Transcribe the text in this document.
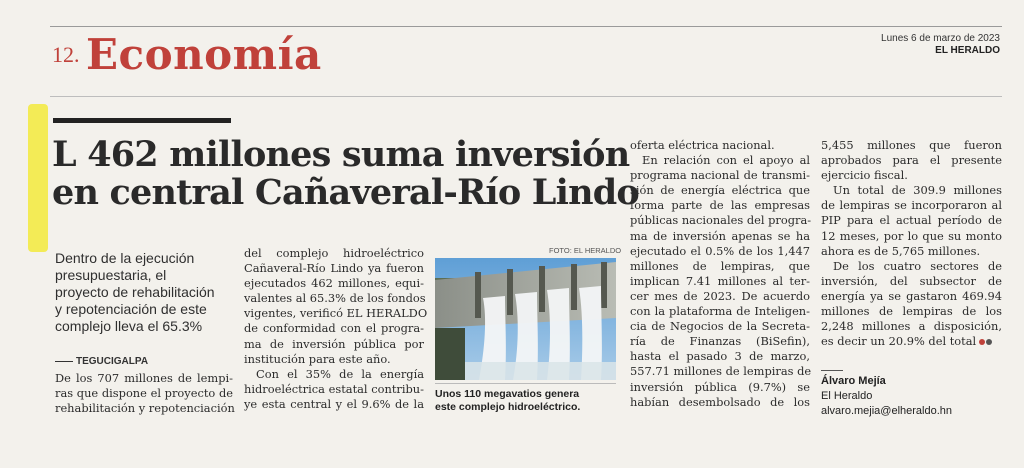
12. Economía	Lunes 6 de marzo de 2023
EL HERALDO
L 462 millones suma inversión
en central Cañaveral-Río Lindo
Dentro de la ejecución
presupuestaria, el
proyecto de rehabilitación
y repotenciación de este
complejo lleva el 65.3%
TEGUCIGALPA
De los 707 millones de lempi-
ras que dispone el proyecto de
rehabilitación y repotenciación
del complejo hidroeléctrico
Cañaveral-Río Lindo ya fueron
ejecutados 462 millones, equi-
valentes al 65.3% de los fondos
vigentes, verificó EL HERALDO
de conformidad con el progra-
ma de inversión pública por
institución para este año.
Con el 35% de la energía
hidroeléctrica estatal contribu-
ye esta central y el 9.6% de la
FOTO: EL HERALDO
Unos 110 megavatios genera
este complejo hidroeléctrico.
oferta eléctrica nacional.
En relación con el apoyo al
programa nacional de transmi-
sión de energía eléctrica que
forma parte de las empresas
públicas nacionales del progra-
ma de inversión apenas se ha
ejecutado el 0.5% de los 1,447
millones de lempiras, que
implican 7.41 millones al ter-
cer mes de 2023. De acuerdo
con la plataforma de Inteligen-
cia de Negocios de la Secreta-
ría de Finanzas (BiSefin),
hasta el pasado 3 de marzo,
557.71 millones de lempiras de
inversión pública (9.7%) se
habían desembolsado de los
5,455 millones que fueron
aprobados para el presente
ejercicio fiscal.
Un total de 309.9 millones
de lempiras se incorporaron al
PIP para el actual período de
12 meses, por lo que su monto
ahora es de 5,765 millones.
De los cuatro sectores de
inversión, del subsector de
energía ya se gastaron 469.94
millones de lempiras de los
2,248 millones a disposición,
es decir un 20.9% del total
Álvaro Mejía
El Heraldo
alvaro.mejia@elheraldo.hn
